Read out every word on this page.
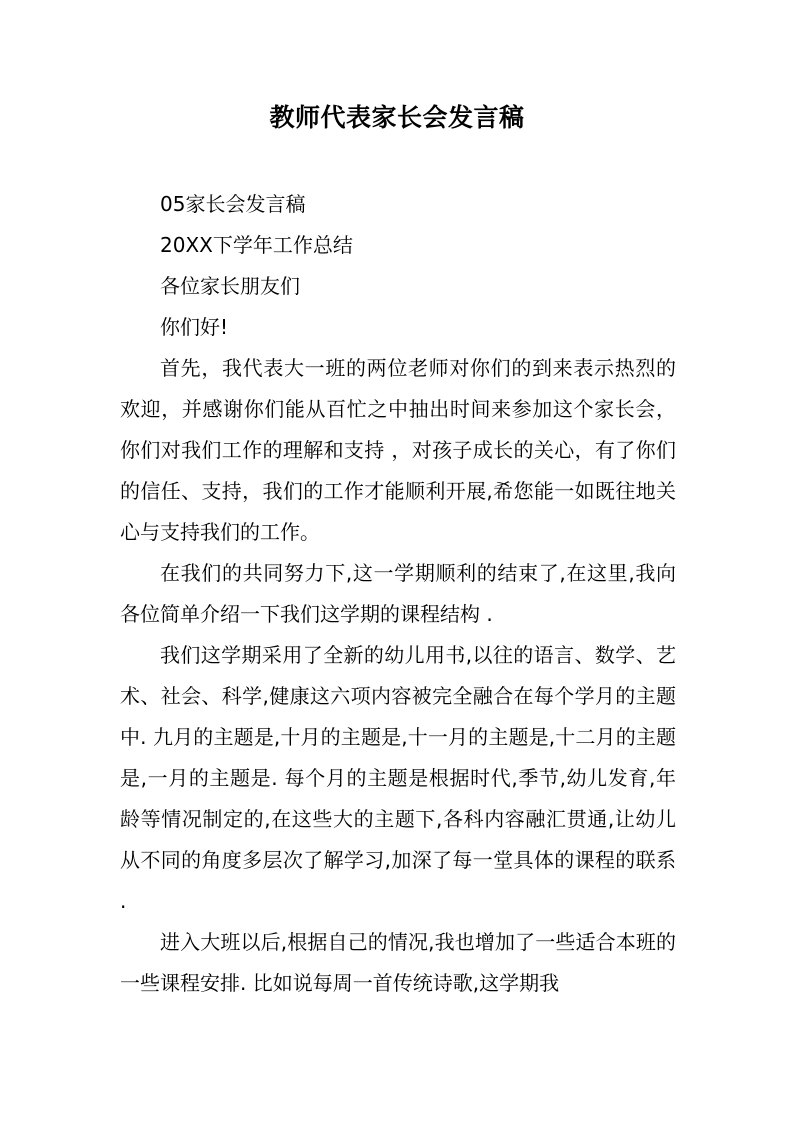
教师代表家长会发言稿

05家长会发言稿

20XX下学年工作总结

各位家长朋友们

你们好!

首先，我代表大一班的两位老师对你们的到来表示热烈的欢迎，并感谢你们能从百忙之中抽出时间来参加这个家长会，你们对我们工作的理解和支持 ，对孩子成长的关心，有了你们的信任、支持，我们的工作才能顺利开展,希您能一如既往地关心与支持我们的工作。

在我们的共同努力下,这一学期顺利的结束了,在这里,我向各位简单介绍一下我们这学期的课程结构 .

我们这学期采用了全新的幼儿用书,以往的语言、数学、艺术、社会、科学,健康这六项内容被完全融合在每个学月的主题中. 九月的主题是,十月的主题是,十一月的主题是,十二月的主题是,一月的主题是. 每个月的主题是根据时代,季节,幼儿发育,年龄等情况制定的,在这些大的主题下,各科内容融汇贯通,让幼儿从不同的角度多层次了解学习,加深了每一堂具体的课程的联系 .

进入大班以后,根据自己的情况,我也增加了一些适合本班的一些课程安排. 比如说每周一首传统诗歌,这学期我
